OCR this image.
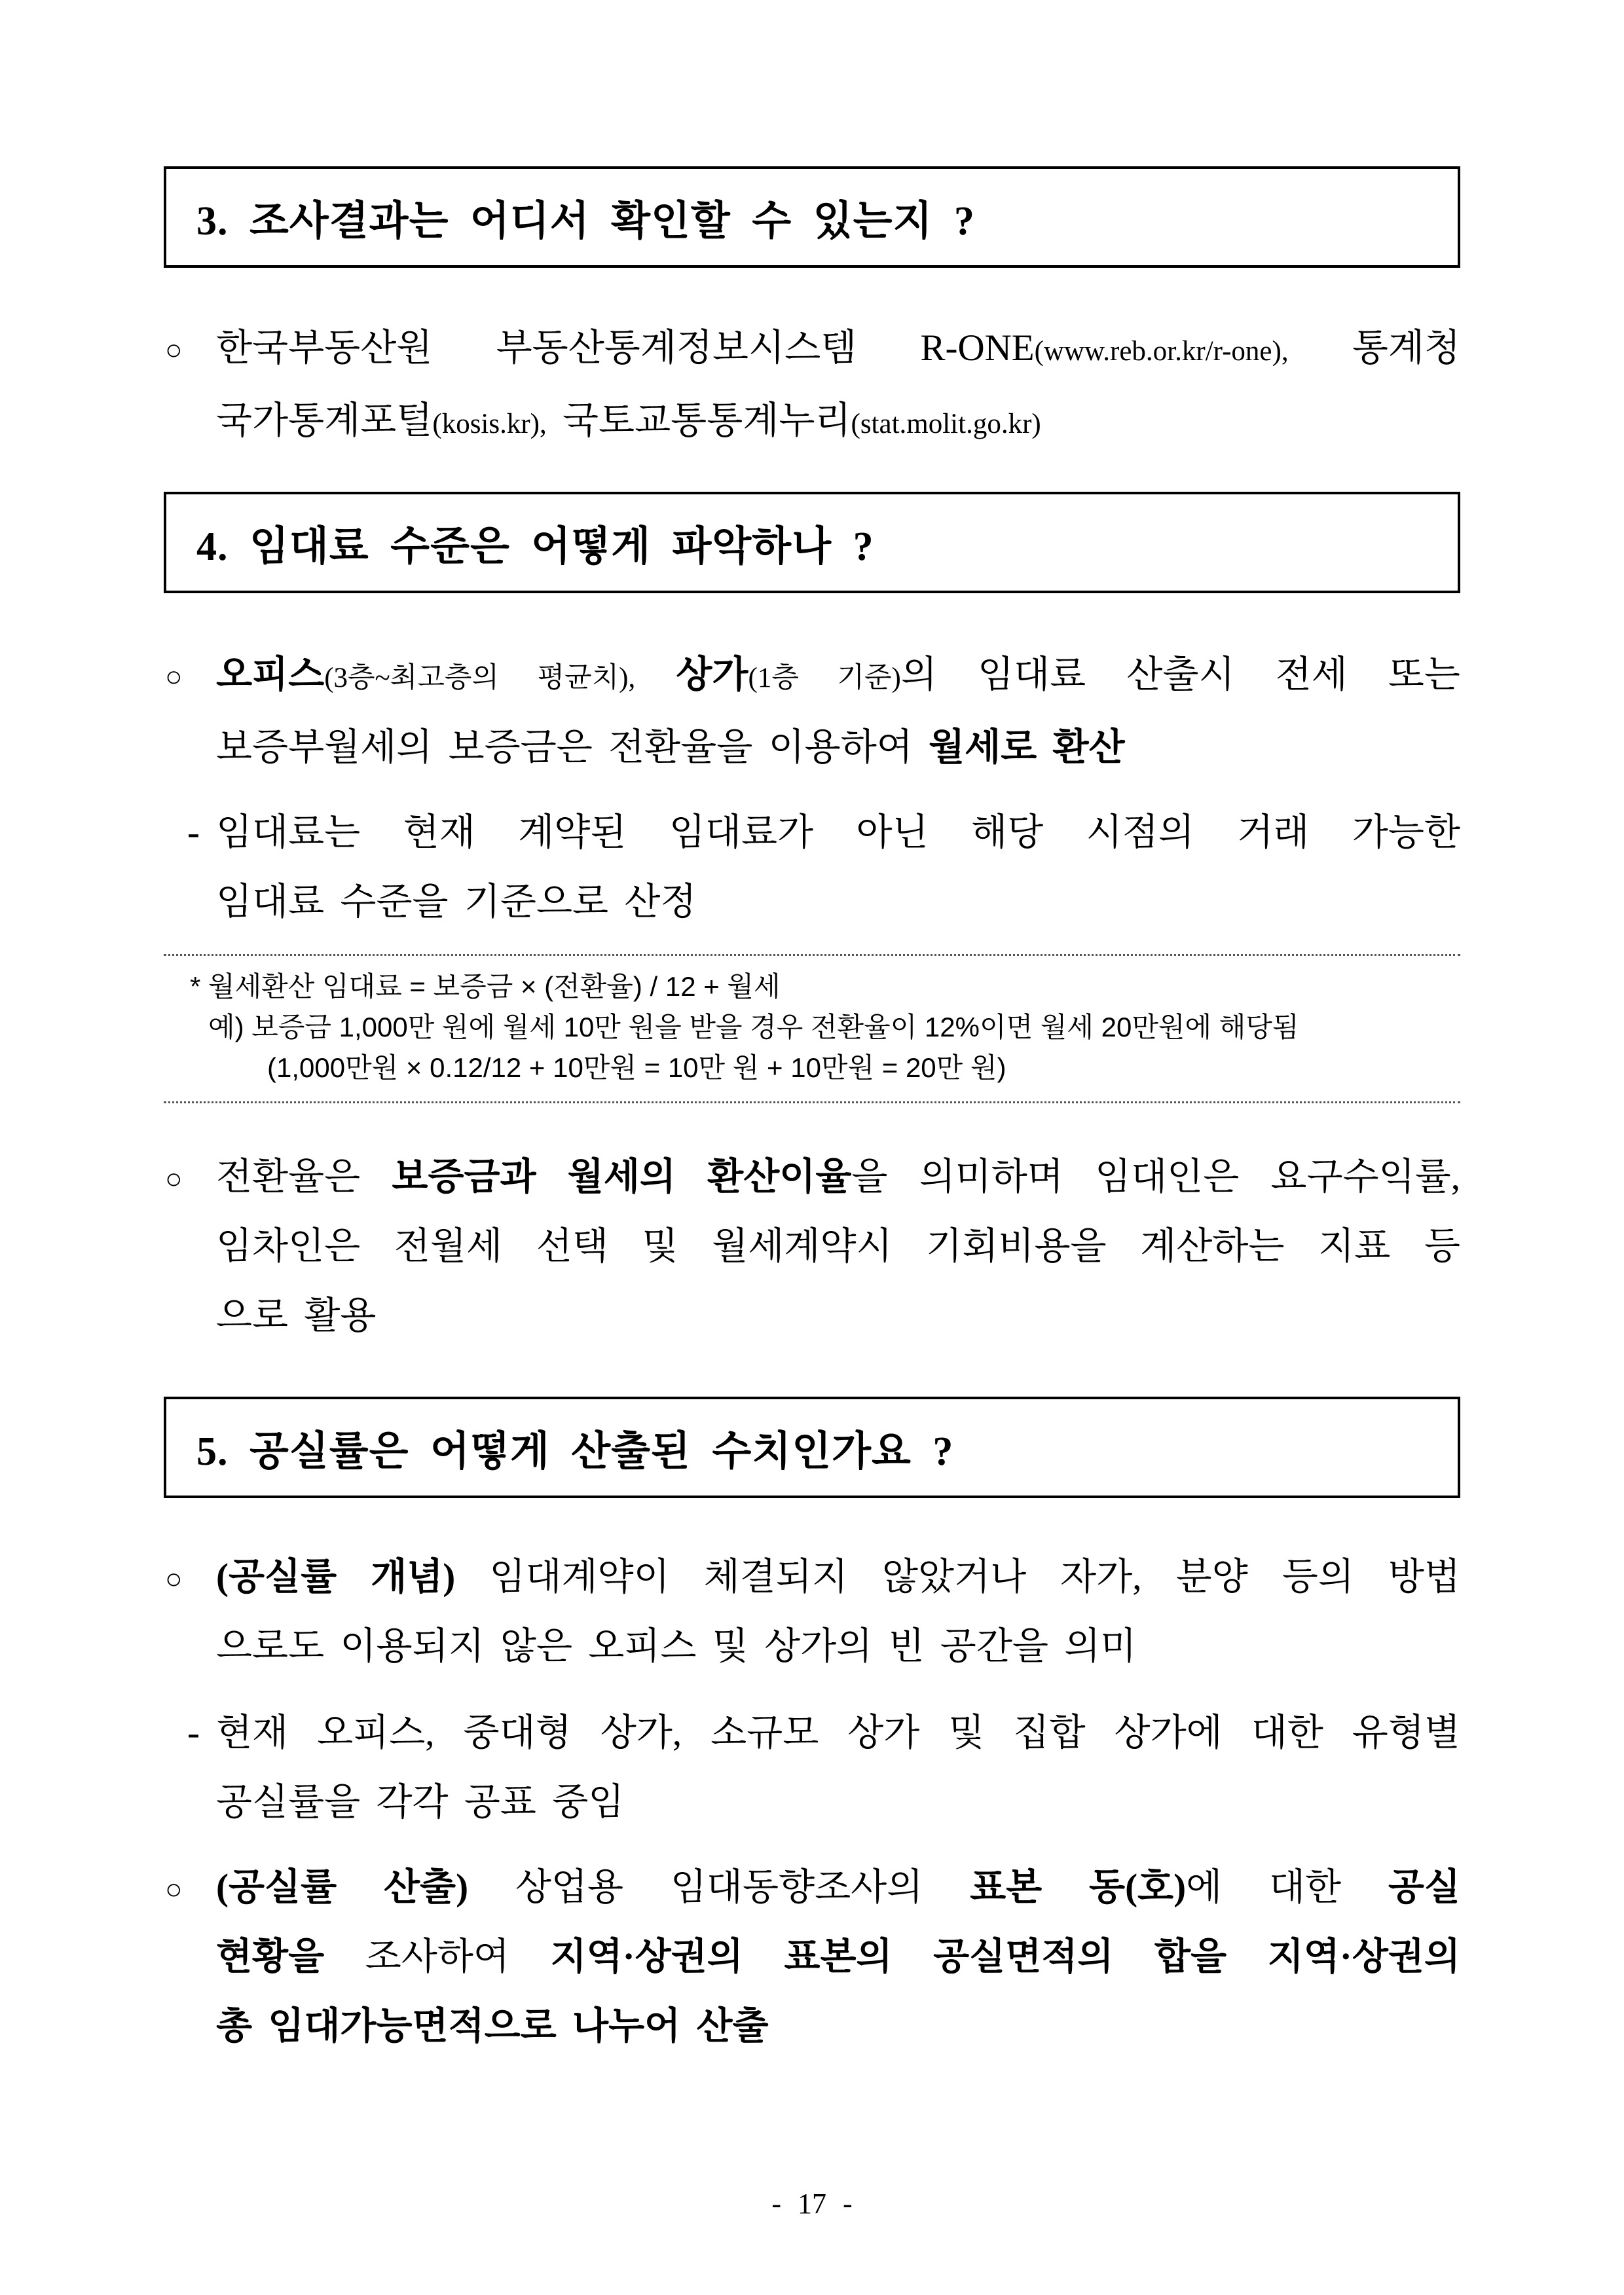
3. 조사결과는 어디서 확인할 수 있는지 ?
○ 한국부동산원 부동산통계정보시스템 R-ONE(www.reb.or.kr/r-one), 통계청
국가통계포털(kosis.kr), 국토교통통계누리(stat.molit.go.kr)
4. 임대료 수준은 어떻게 파악하나 ?
○ 오피스(3층~최고층의 평균치), 상가(1층 기준)의 임대료 산출시 전세 또는
보증부월세의 보증금은 전환율을 이용하여 월세로 환산
- 임대료는 현재 계약된 임대료가 아닌 해당 시점의 거래 가능한
임대료 수준을 기준으로 산정
* 월세환산 임대료 = 보증금 × (전환율) / 12 + 월세
예) 보증금 1,000만 원에 월세 10만 원을 받을 경우 전환율이 12%이면 월세 20만원에 해당됨
(1,000만원 × 0.12/12 + 10만원 = 10만 원 + 10만원 = 20만 원)
○ 전환율은 보증금과 월세의 환산이율을 의미하며 임대인은 요구수익률,
임차인은 전월세 선택 및 월세계약시 기회비용을 계산하는 지표 등
으로 활용
5. 공실률은 어떻게 산출된 수치인가요 ?
○ (공실률 개념) 임대계약이 체결되지 않았거나 자가, 분양 등의 방법
으로도 이용되지 않은 오피스 및 상가의 빈 공간을 의미
- 현재 오피스, 중대형 상가, 소규모 상가 및 집합 상가에 대한 유형별
공실률을 각각 공표 중임
○ (공실률 산출) 상업용 임대동향조사의 표본 동(호)에 대한 공실
현황을 조사하여 지역·상권의 표본의 공실면적의 합을 지역·상권의
총 임대가능면적으로 나누어 산출
- 17 -
